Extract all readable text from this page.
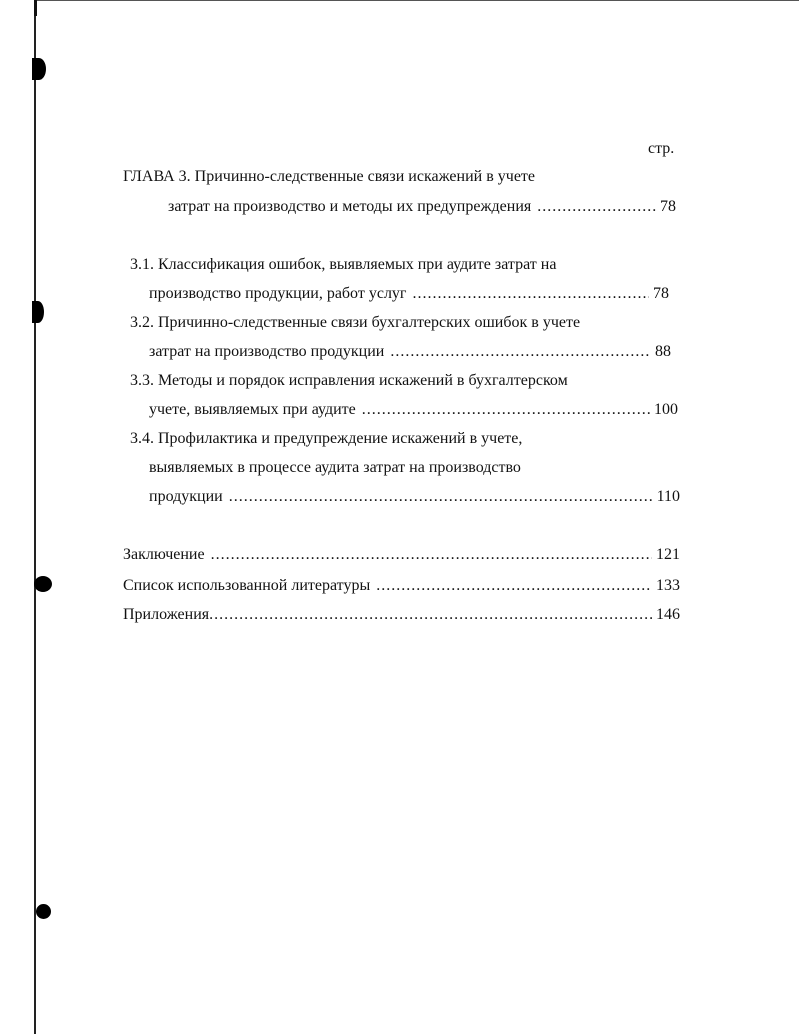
стр.
ГЛАВА 3. Причинно-следственные связи искажений в учете
затрат на производство и методы их предупреждения .....	78
3.1. Классификация ошибок, выявляемых при аудите затрат на
производство продукции, работ услуг .....	78
3.2. Причинно-следственные связи бухгалтерских ошибок в учете
затрат на производство продукции .....	88
3.3. Методы и порядок исправления искажений в бухгалтерском
учете, выявляемых при аудите .....	100
3.4. Профилактика и предупреждение искажений в учете,
выявляемых в процессе аудита затрат на производство
продукции .....	110
Заключение .....	121
Список использованной литературы .....	133
Приложения .....	146
